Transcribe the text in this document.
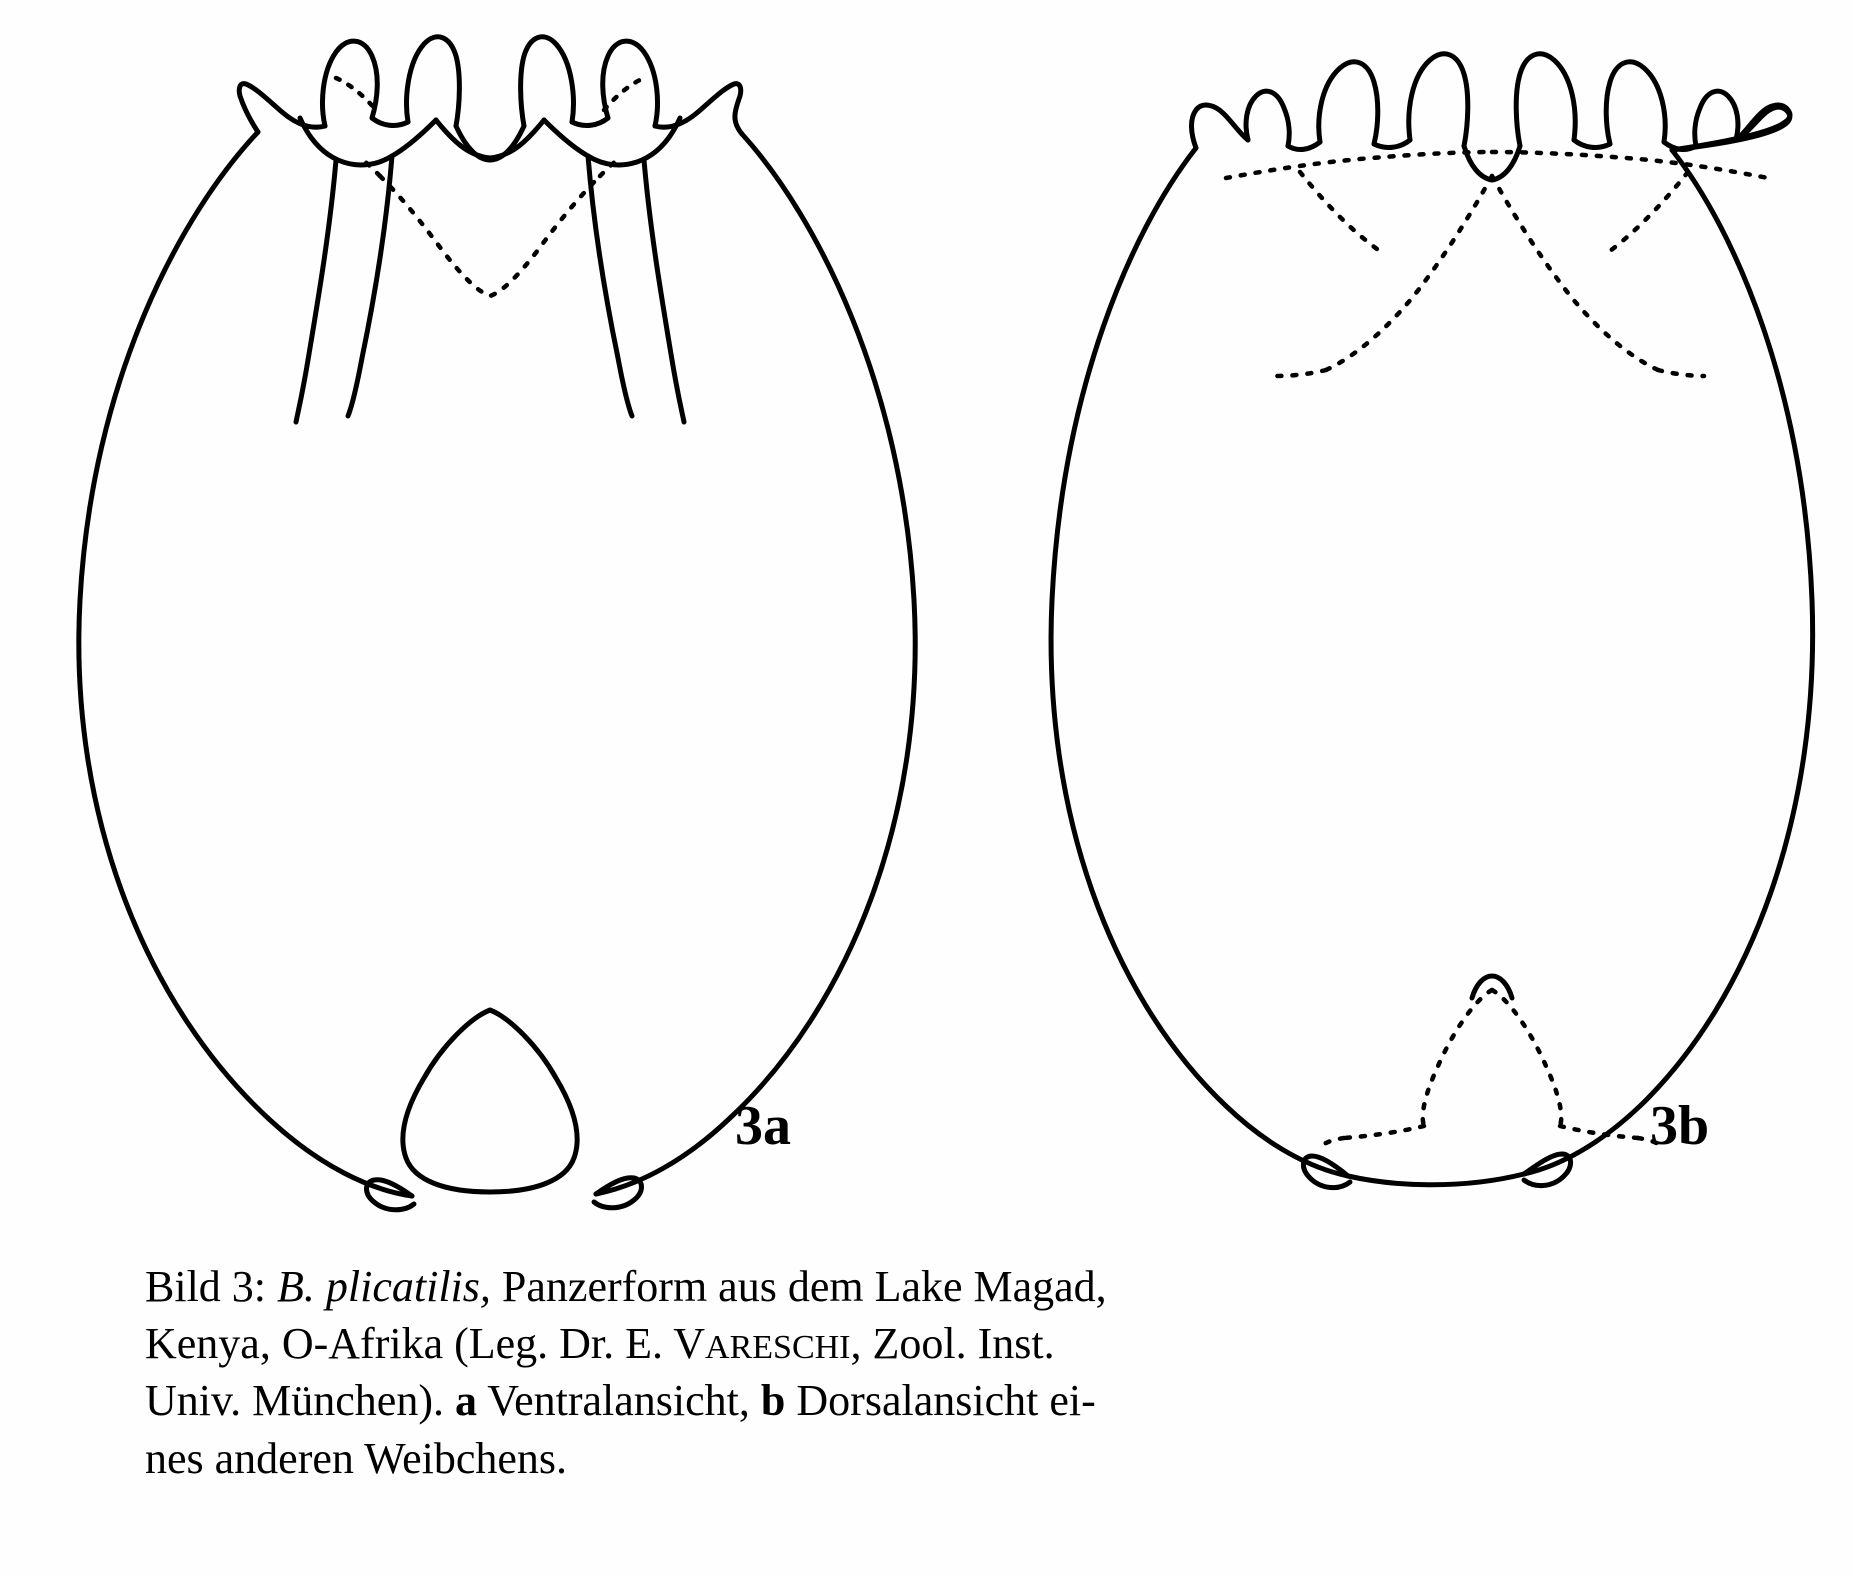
3a	3b
Bild 3: B. plicatilis, Panzerform aus dem Lake Magad,
Kenya, O-Afrika (Leg. Dr. E. VARESCHI, Zool. Inst.
Univ. München). a Ventralansicht, b Dorsalansicht ei-
nes anderen Weibchens.
